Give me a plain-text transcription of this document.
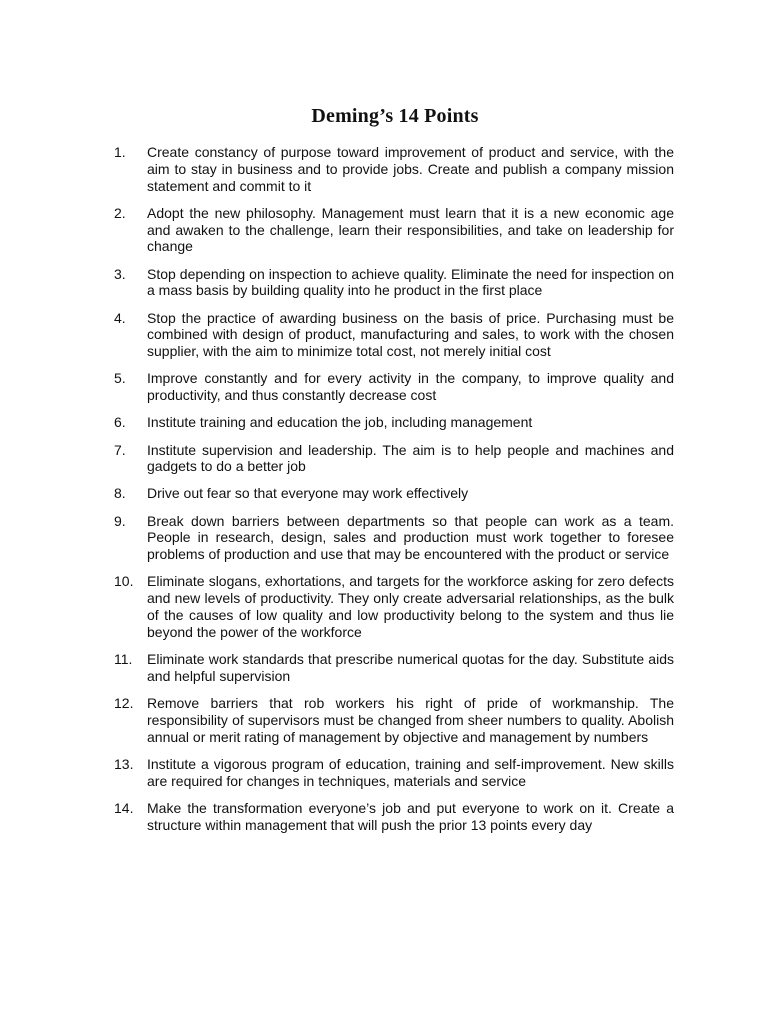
Deming’s 14 Points
1.	Create constancy of purpose toward improvement of product and service, with the aim to stay in business and to provide jobs. Create and publish a company mission statement and commit to it
2.	Adopt the new philosophy. Management must learn that it is a new economic age and awaken to the challenge, learn their responsibilities, and take on leadership for change
3.	Stop depending on inspection to achieve quality. Eliminate the need for inspection on a mass basis by building quality into he product in the first place
4.	Stop the practice of awarding business on the basis of price. Purchasing must be combined with design of product, manufacturing and sales, to work with the chosen supplier, with the aim to minimize total cost, not merely initial cost
5.	Improve constantly and for every activity in the company, to improve quality and productivity, and thus constantly decrease cost
6.	Institute training and education the job, including management
7.	Institute supervision and leadership. The aim is to help people and machines and gadgets to do a better job
8.	Drive out fear so that everyone may work effectively
9.	Break down barriers between departments so that people can work as a team. People in research, design, sales and production must work together to foresee problems of production and use that may be encountered with the product or service
10. Eliminate slogans, exhortations, and targets for the workforce asking for zero defects and new levels of productivity. They only create adversarial relationships, as the bulk of the causes of low quality and low productivity belong to the system and thus lie beyond the power of the workforce
11.	Eliminate work standards that prescribe numerical quotas for the day. Substitute aids and helpful supervision
12. Remove barriers that rob workers his right of pride of workmanship. The responsibility of supervisors must be changed from sheer numbers to quality. Abolish annual or merit rating of management by objective and management by numbers
13. Institute a vigorous program of education, training and self-improvement. New skills are required for changes in techniques, materials and service
14. Make the transformation everyone’s job and put everyone to work on it. Create a structure within management that will push the prior 13 points every day
